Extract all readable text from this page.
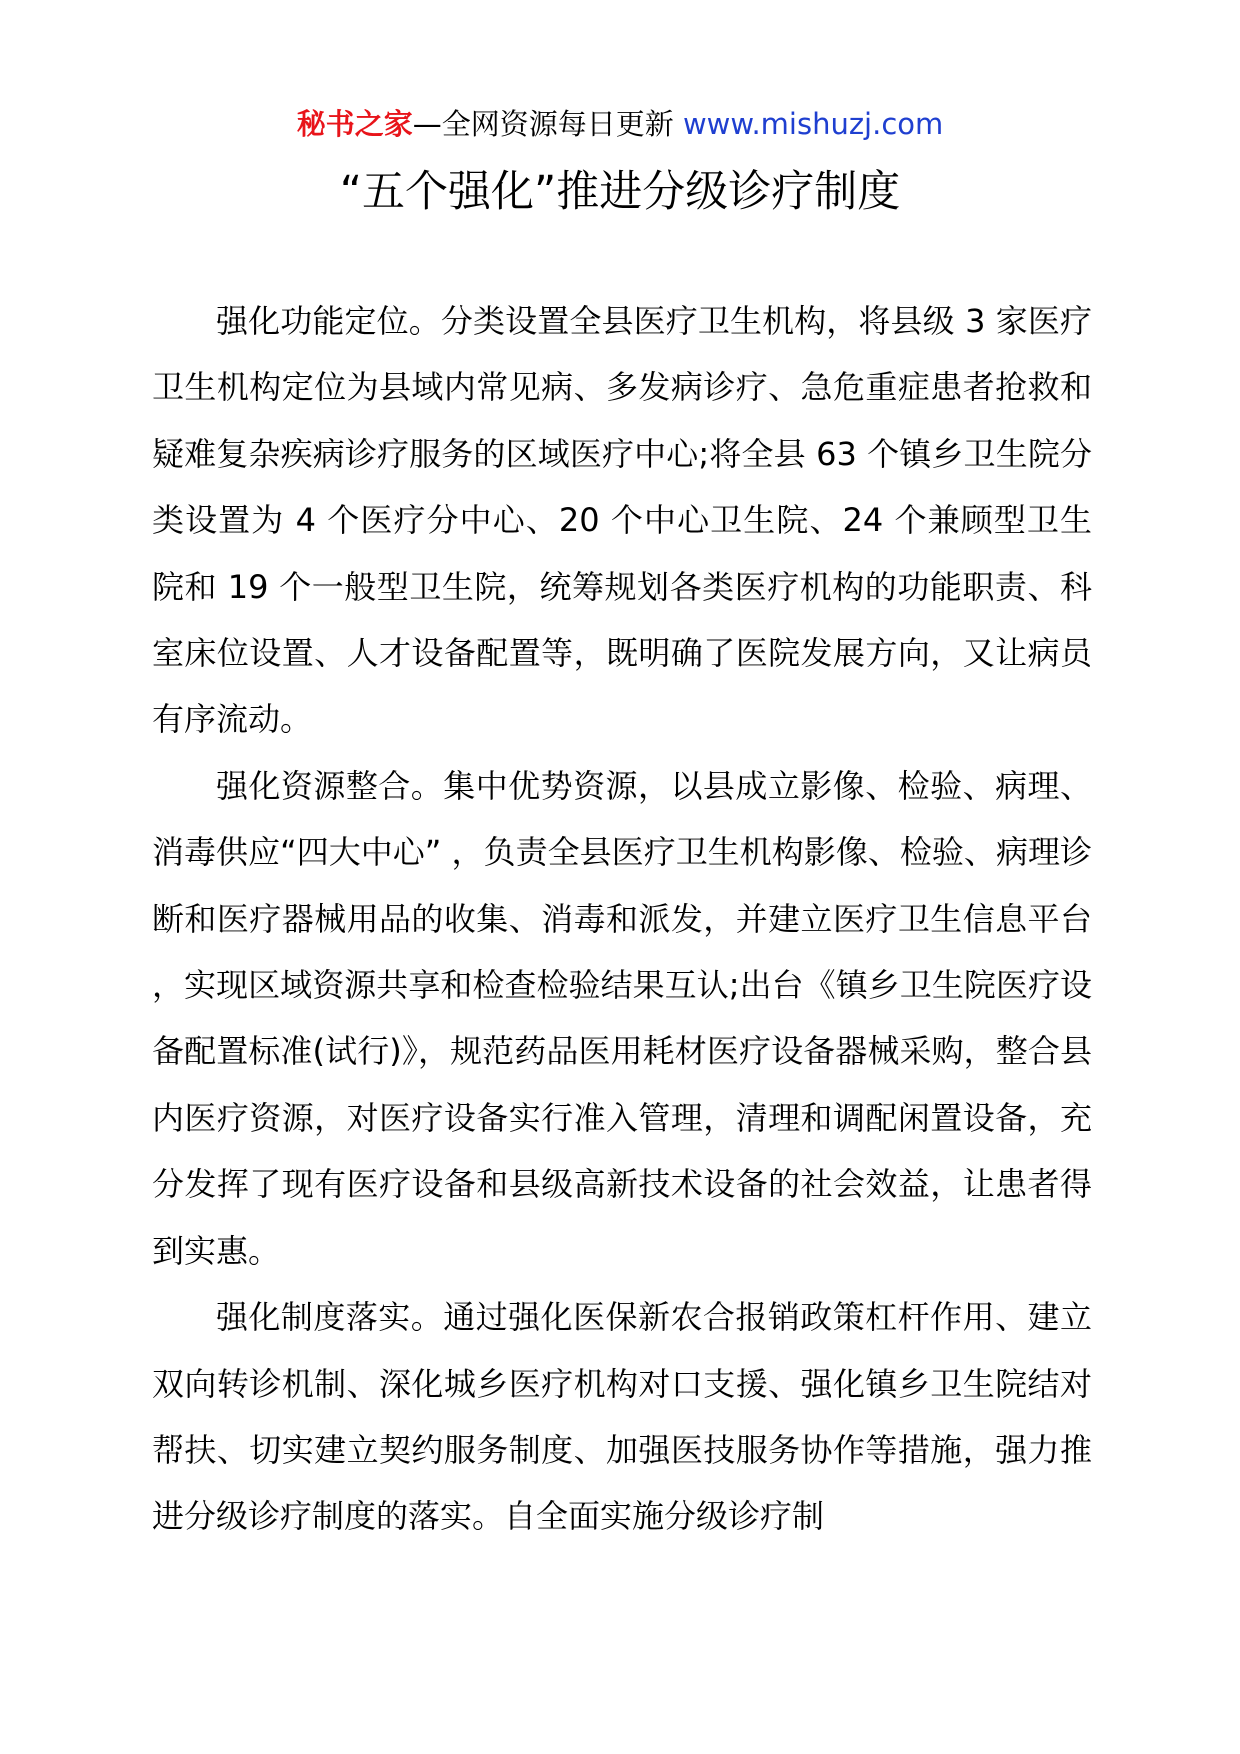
秘书之家—全网资源每日更新 www.mishuzj.com
“五个强化”推进分级诊疗制度

强化功能定位。分类设置全县医疗卫生机构，将县级 3 家医疗卫生机构定位为县域内常见病、多发病诊疗、急危重症患者抢救和疑难复杂疾病诊疗服务的区域医疗中心;将全县 63 个镇乡卫生院分类设置为 4 个医疗分中心、20 个中心卫生院、24 个兼顾型卫生院和 19 个一般型卫生院，统筹规划各类医疗机构的功能职责、科室床位设置、人才设备配置等，既明确了医院发展方向，又让病员有序流动。

强化资源整合。集中优势资源，以县成立影像、检验、病理、消毒供应“四大中心” ，负责全县医疗卫生机构影像、检验、病理诊断和医疗器械用品的收集、消毒和派发，并建立医疗卫生信息平台，实现区域资源共享和检查检验结果互认;出台《镇乡卫生院医疗设备配置标准(试行)》，规范药品医用耗材医疗设备器械采购，整合县内医疗资源，对医疗设备实行准入管理，清理和调配闲置设备，充分发挥了现有医疗设备和县级高新技术设备的社会效益，让患者得到实惠。

强化制度落实。通过强化医保新农合报销政策杠杆作用、建立双向转诊机制、深化城乡医疗机构对口支援、强化镇乡卫生院结对帮扶、切实建立契约服务制度、加强医技服务协作等措施，强力推进分级诊疗制度的落实。自全面实施分级诊疗制
